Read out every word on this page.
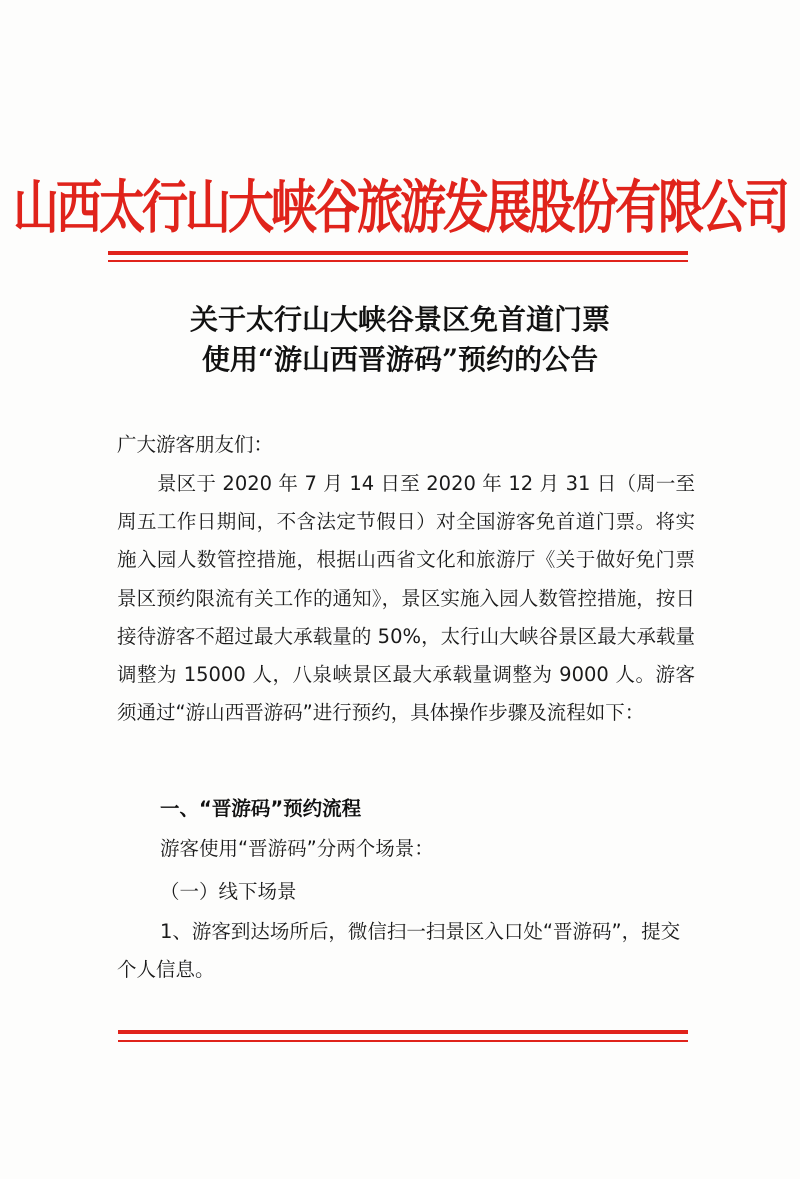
山西太行山大峡谷旅游发展股份有限公司
关于太行山大峡谷景区免首道门票
使用“游山西晋游码”预约的公告
广大游客朋友们：
景区于 2020 年 7 月 14 日至 2020 年 12 月 31 日（周一至周五工作日期间，不含法定节假日）对全国游客免首道门票。将实施入园人数管控措施，根据山西省文化和旅游厅《关于做好免门票景区预约限流有关工作的通知》，景区实施入园人数管控措施，按日接待游客不超过最大承载量的 50%，太行山大峡谷景区最大承载量调整为 15000 人，八泉峡景区最大承载量调整为 9000 人。游客须通过“游山西晋游码”进行预约，具体操作步骤及流程如下：
一、“晋游码”预约流程
游客使用“晋游码”分两个场景：
（一）线下场景
1、游客到达场所后，微信扫一扫景区入口处“晋游码”，提交个人信息。
